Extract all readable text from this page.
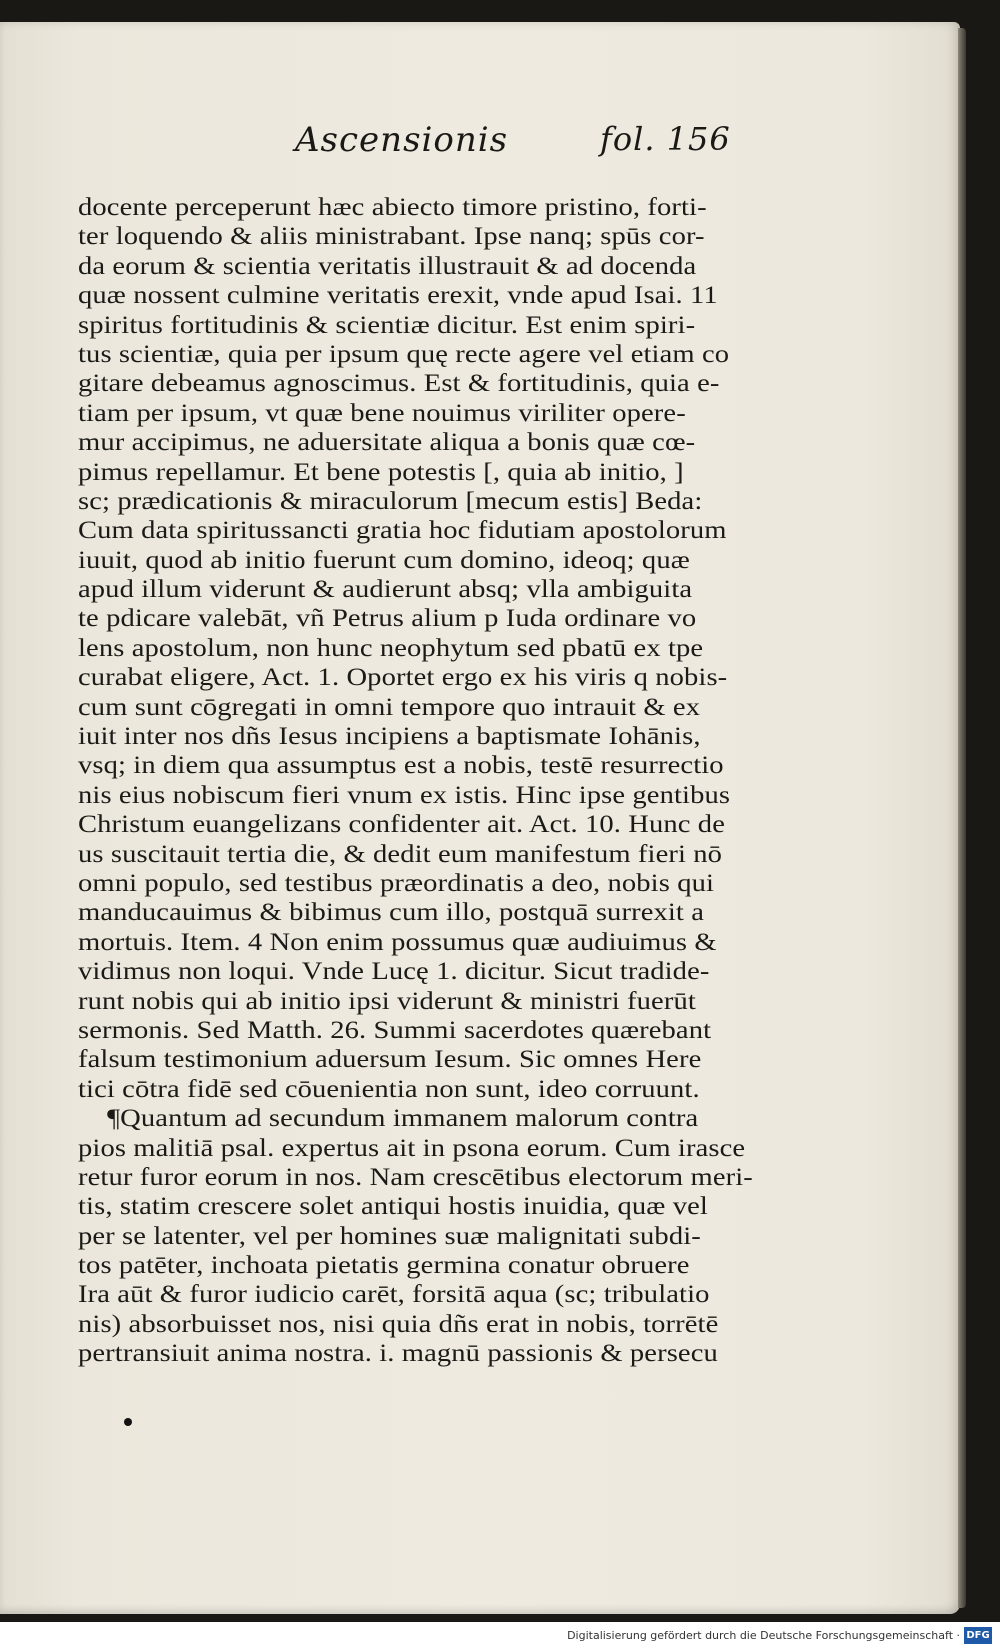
Ascensionis	fol. 156
docente perceperunt hæc abiecto timore pristino, forti-
ter loquendo & aliis ministrabant. Ipse nanq; spūs cor-
da eorum & scientia veritatis illustrauit & ad docenda
quæ nossent culmine veritatis erexit, vnde apud Isai. 11
spiritus fortitudinis & scientiæ dicitur. Est enim spiri-
tus scientiæ, quia per ipsum quę recte agere vel etiam co
gitare debeamus agnoscimus. Est & fortitudinis, quia e-
tiam per ipsum, vt quæ bene nouimus viriliter opere-
mur accipimus, ne aduersitate aliqua a bonis quæ cœ-
pimus repellamur. Et bene potestis [, quia ab initio, ]
sc; prædicationis & miraculorum [mecum estis] Beda:
Cum data spiritussancti gratia hoc fidutiam apostolorum
iuuit, quod ab initio fuerunt cum domino, ideoq; quæ
apud illum viderunt & audierunt absq; vlla ambiguita
te pdicare valebāt, vñ Petrus alium p Iuda ordinare vo
lens apostolum, non hunc neophytum sed pbatū ex tpe
curabat eligere, Act. 1. Oportet ergo ex his viris q nobis-
cum sunt cōgregati in omni tempore quo intrauit & ex
iuit inter nos dñs Iesus incipiens a baptismate Iohānis,
vsq; in diem qua assumptus est a nobis, testē resurrectio
nis eius nobiscum fieri vnum ex istis. Hinc ipse gentibus
Christum euangelizans confidenter ait. Act. 10. Hunc de
us suscitauit tertia die, & dedit eum manifestum fieri nō
omni populo, sed testibus præordinatis a deo, nobis qui
manducauimus & bibimus cum illo, postquā surrexit a
mortuis. Item. 4 Non enim possumus quæ audiuimus &
vidimus non loqui. Vnde Lucę 1. dicitur. Sicut tradide-
runt nobis qui ab initio ipsi viderunt & ministri fuerūt
sermonis. Sed Matth. 26. Summi sacerdotes quærebant
falsum testimonium aduersum Iesum. Sic omnes Here
tici cōtra fidē sed cōuenientia non sunt, ideo corruunt.
¶Quantum ad secundum immanem malorum contra
pios malitiā psal. expertus ait in psona eorum. Cum irasce
retur furor eorum in nos. Nam crescētibus electorum meri-
tis, statim crescere solet antiqui hostis inuidia, quæ vel
per se latenter, vel per homines suæ malignitati subdi-
tos patēter, inchoata pietatis germina conatur obruere
Ira aūt & furor iudicio carēt, forsitā aqua (sc; tribulatio
nis) absorbuisset nos, nisi quia dñs erat in nobis, torrētē
pertransiuit anima nostra. i. magnū passionis & persecu
Digitalisierung gefördert durch die Deutsche Forschungsgemeinschaft · DFG
